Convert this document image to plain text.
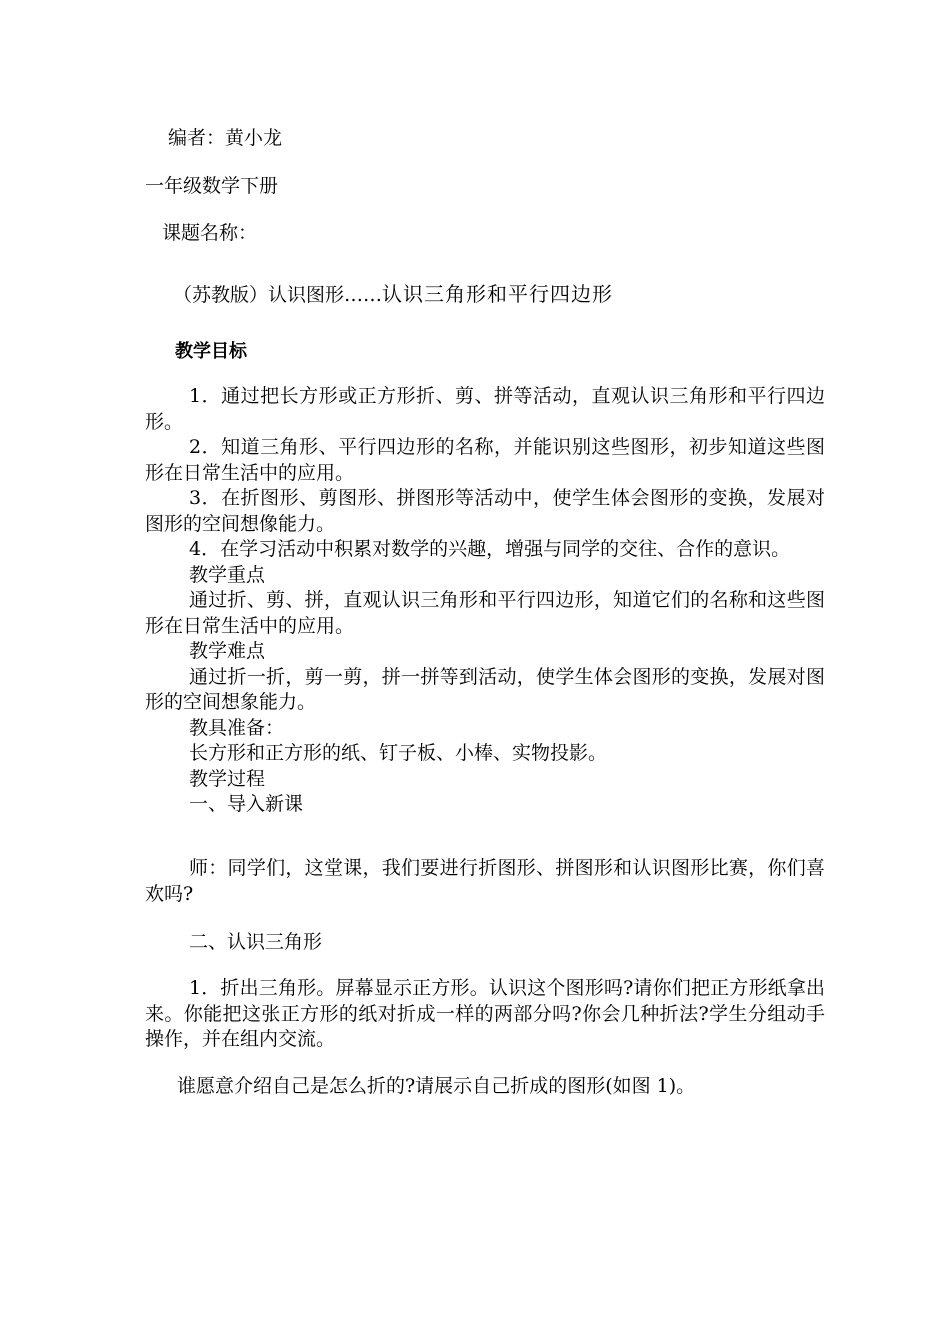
编者：黄小龙
一年级数学下册
课题名称：
（苏教版）认识图形……认识三角形和平行四边形
教学目标
1．通过把长方形或正方形折、剪、拼等活动，直观认识三角形和平行四边形。
2．知道三角形、平行四边形的名称，并能识别这些图形，初步知道这些图形在日常生活中的应用。
3．在折图形、剪图形、拼图形等活动中，使学生体会图形的变换，发展对图形的空间想像能力。
4．在学习活动中积累对数学的兴趣，增强与同学的交往、合作的意识。
教学重点
通过折、剪、拼，直观认识三角形和平行四边形，知道它们的名称和这些图形在日常生活中的应用。
教学难点
通过折一折，剪一剪，拼一拼等到活动，使学生体会图形的变换，发展对图形的空间想象能力。
教具准备：
长方形和正方形的纸、钉子板、小棒、实物投影。
教学过程
一、导入新课
师：同学们，这堂课，我们要进行折图形、拼图形和认识图形比赛，你们喜欢吗?
二、认识三角形
1．折出三角形。屏幕显示正方形。认识这个图形吗?请你们把正方形纸拿出来。你能把这张正方形的纸对折成一样的两部分吗?你会几种折法?学生分组动手操作，并在组内交流。
谁愿意介绍自己是怎么折的?请展示自己折成的图形(如图 1)。
